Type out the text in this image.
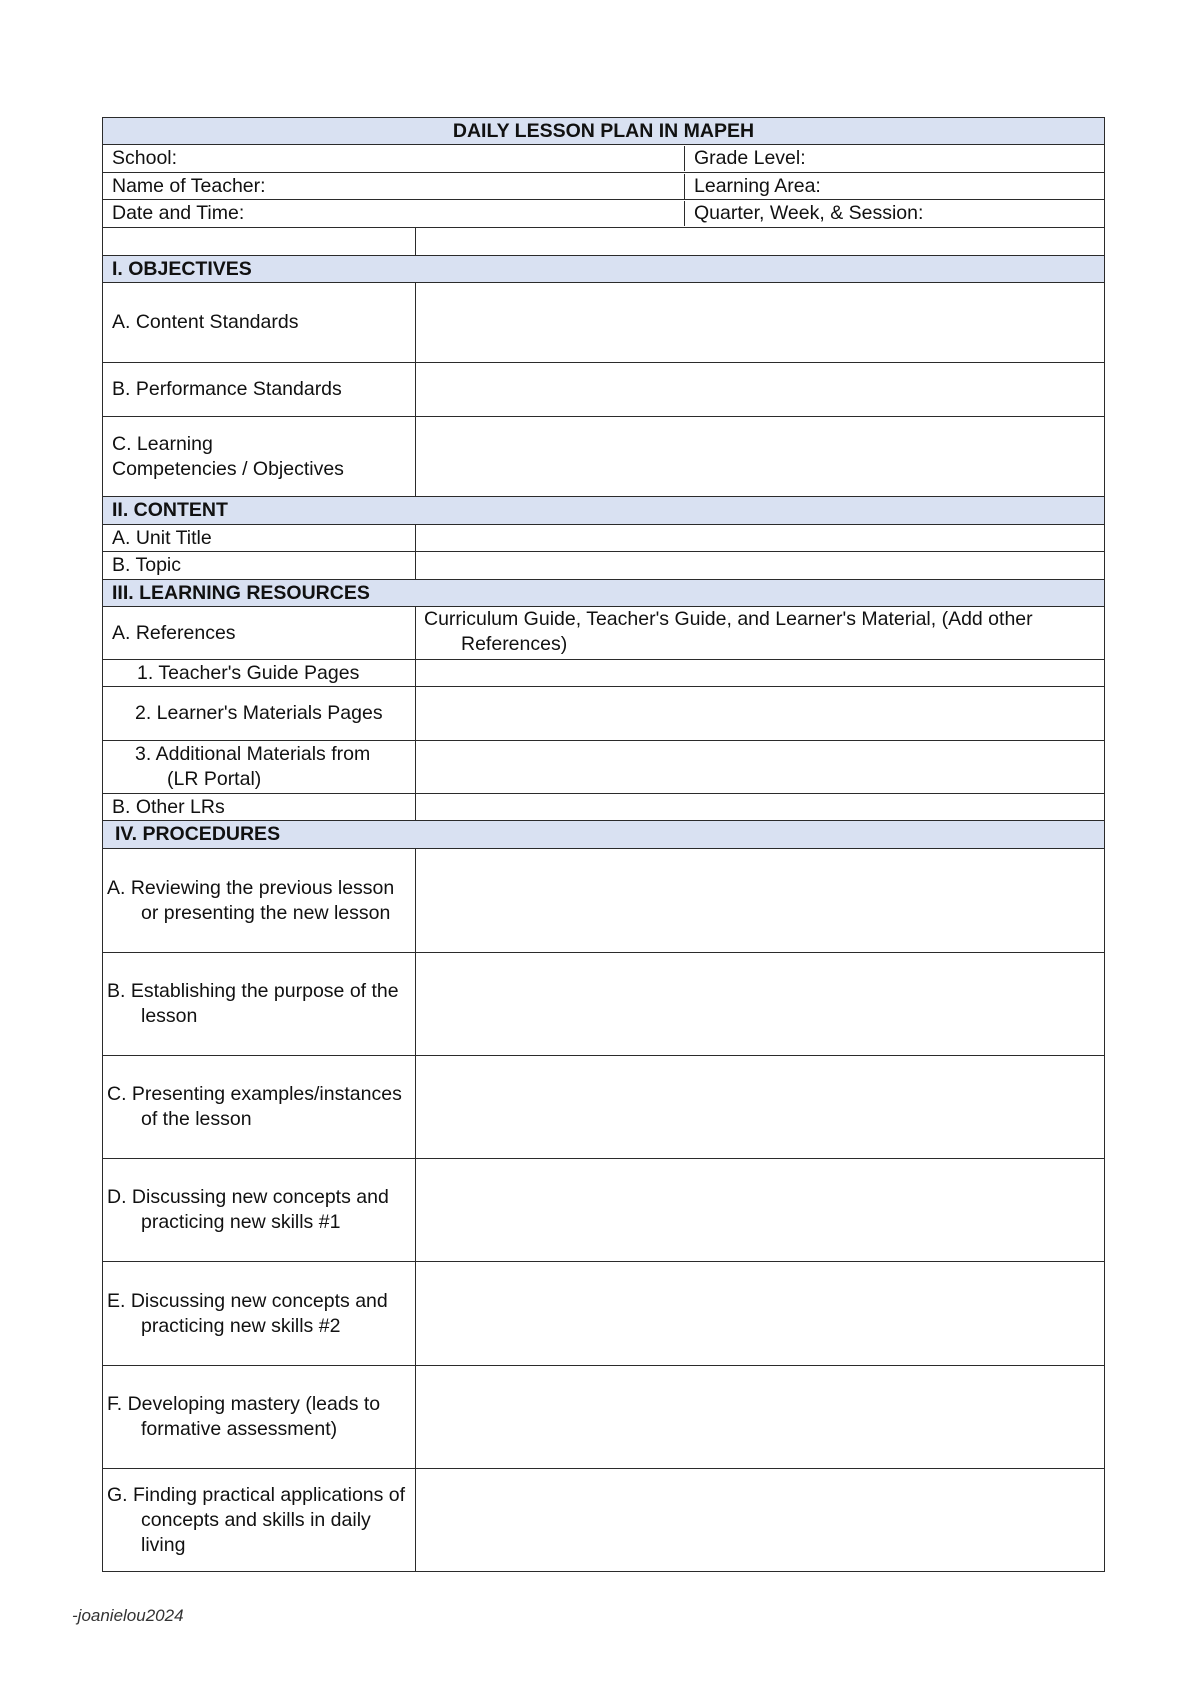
DAILY LESSON PLAN IN MAPEH

School:	Grade Level:

Name of Teacher:	Learning Area:

Date and Time:	Quarter, Week, & Session:

I. OBJECTIVES
A. Content Standards	
B. Performance Standards	
C. Learning
Competencies / Objectives	
II. CONTENT
A. Unit Title	
B. Topic	
III. LEARNING RESOURCES
A. References	Curriculum Guide, Teacher's Guide, and Learner's Material, (Add other References)
1. Teacher's Guide Pages	
2. Learner's Materials Pages	
3. Additional Materials from (LR Portal)	
B. Other LRs	
IV. PROCEDURES
A. Reviewing the previous lesson or presenting the new lesson	
B. Establishing the purpose of the lesson	
C. Presenting examples/instances of the lesson	
D. Discussing new concepts and practicing new skills #1	
E. Discussing new concepts and practicing new skills #2	
F. Developing mastery (leads to formative assessment)	
G. Finding practical applications of concepts and skills in daily living	
-joanielou2024
